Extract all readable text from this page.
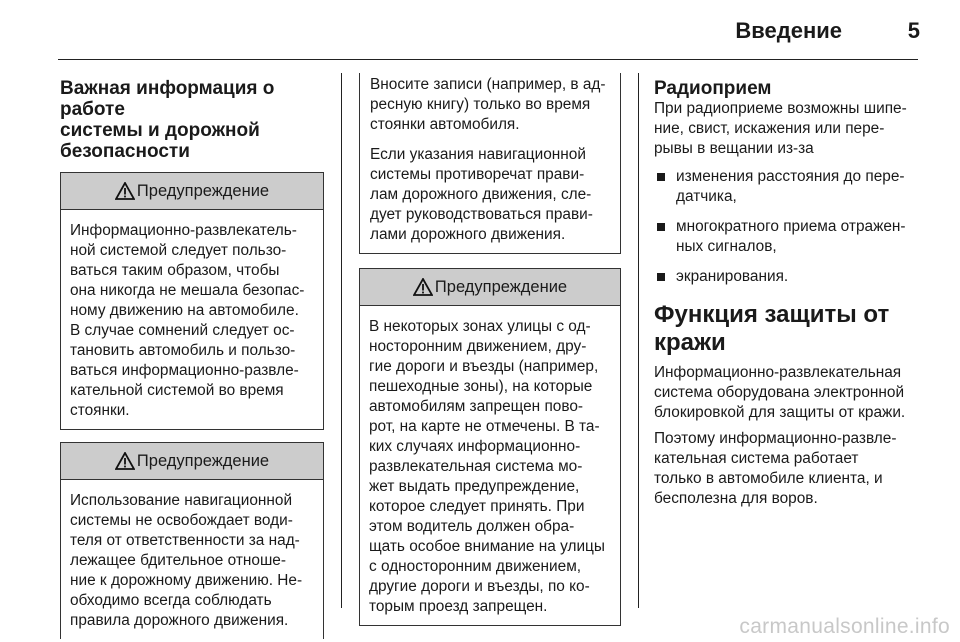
Введение	5
Важная информация о работе
системы и дорожной
безопасности
Предупреждение
Информационно-развлекатель-
ной системой следует пользо-
ваться таким образом, чтобы
она никогда не мешала безопас-
ному движению на автомобиле.
В случае сомнений следует ос-
тановить автомобиль и пользо-
ваться информационно-развле-
кательной системой во время
стоянки.
Предупреждение
Использование навигационной
системы не освобождает води-
теля от ответственности за над-
лежащее бдительное отноше-
ние к дорожному движению. Не-
обходимо всегда соблюдать
правила дорожного движения.

Вносите записи (например, в ад-
ресную книгу) только во время
стоянки автомобиля.

Если указания навигационной
системы противоречат прави-
лам дорожного движения, сле-
дует руководствоваться прави-
лами дорожного движения.

Предупреждение
В некоторых зонах улицы с од-
носторонним движением, дру-
гие дороги и въезды (например,
пешеходные зоны), на которые
автомобилям запрещен пово-
рот, на карте не отмечены. В та-
ких случаях информационно-
развлекательная система мо-
жет выдать предупреждение,
которое следует принять. При
этом водитель должен обра-
щать особое внимание на улицы
с односторонним движением,
другие дороги и въезды, по ко-
торым проезд запрещен.
Радиоприем

При радиоприеме возможны шипе-
ние, свист, искажения или пере-
рывы в вещании из-за

изменения расстояния до пере-
датчика,
многократного приема отражен-
ных сигналов,
экранирования.
Функция защиты от
кражи

Информационно-развлекательная
система оборудована электронной
блокировкой для защиты от кражи.

Поэтому информационно-развле-
кательная система работает
только в автомобиле клиента, и
бесполезна для воров.

carmanualsonline.info
